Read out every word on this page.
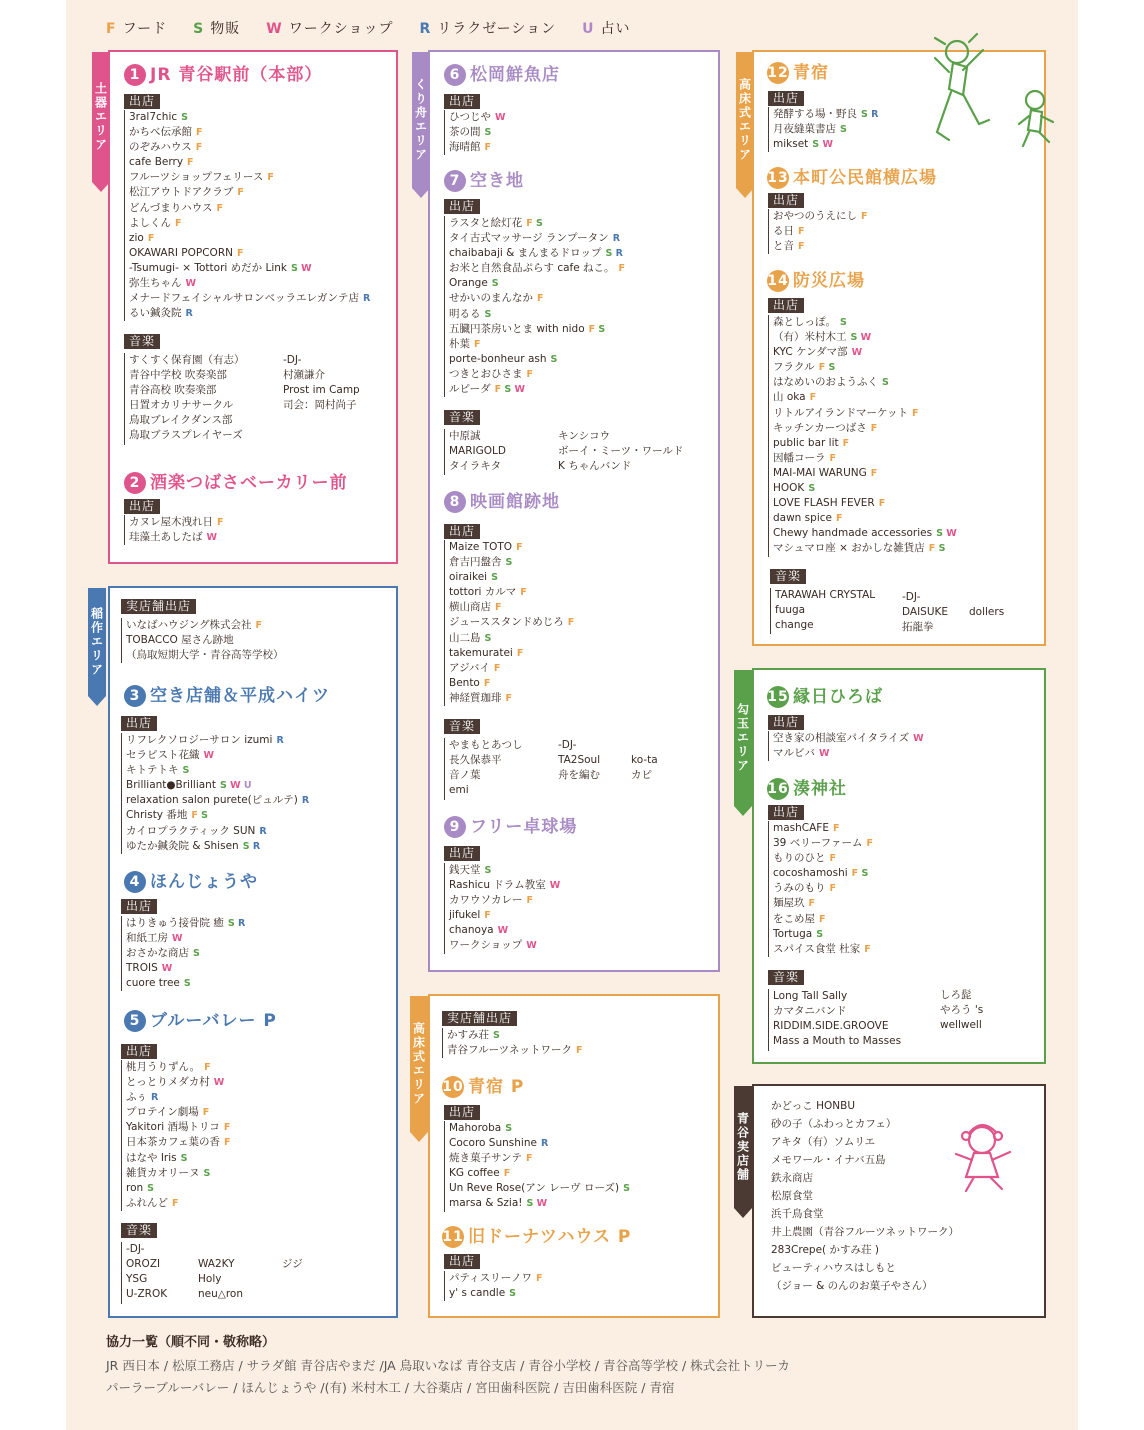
F フード S 物販 W ワークショップ R リラクゼーション U 占い
土器エリア
1 JR 青谷駅前（本部）
出店
3ral7chic S
かちべ伝承館 F
のぞみハウス F
cafe Berry F
フルーツショップフェリース F
松江アウトドアクラブ F
どんづまりハウス F
よしくん F
zio F
OKAWARI POPCORN F
-Tsumugi- × Tottori めだか Link S W
弥生ちゃん W
メナードフェイシャルサロンベッラエレガンテ店 R
るい鍼灸院 R
音楽
すくすく保育園（有志）
青谷中学校 吹奏楽部
青谷高校 吹奏楽部
日置オカリナサークル
鳥取ブレイクダンス部
鳥取ブラスプレイヤーズ
-DJ-
村瀬謙介
Prost im Camp
司会：岡村尚子
2 酒楽つばさベーカリー前
出店
カヌレ屋木洩れ日 F
珪藻土あしたば W
稲作エリア
実店舗出店
いなばハウジング株式会社 F
TOBACCO 屋さん跡地
（鳥取短期大学・青谷高等学校）
3 空き店舗＆平成ハイツ
出店
リフレクソロジーサロン izumi R
セラピスト花織 W
キトテトキ S
Brilliant●Brilliant S W U
relaxation salon purete(ピュルテ) R
Christy 番地 F S
カイロプラクティック SUN R
ゆたか鍼灸院 & Shisen S R
4 ほんじょうや
出店
はりきゅう接骨院 癒 S R
和紙工房 W
おさかな商店 S
TROIS W
cuore tree S
5 ブルーバレー P
出店
桃月うりずん。 F
とっとりメダカ村 W
ふぅ R
プロテイン劇場 F
Yakitori 酒場トリコ F
日本茶カフェ葉の香 F
はなや Iris S
雑貨カオリーヌ S
ron S
ふれんど F
音楽
-DJ-
OROZI
YSG
U-ZROK
WA2KY
Holy
neu△ron
ジジ
くり舟エリア
6 松岡鮮魚店
出店
ひつじや W
茶の間 S
海晴館 F
7 空き地
出店
ラスタと絵灯花 F S
タイ古式マッサージ ランプータン R
chaibabaji & まんまるドロップ S R
お米と自然食品ぷらす cafe ねこ。 F
Orange S
せかいのまんなか F
明るる S
五臓円茶房いとま with nido F S
朴葉 F
porte-bonheur ash S
つきとおひさま F
ルピーダ F S W
音楽
中原誠
MARIGOLD
タイラキタ
キンシコウ
ボーイ・ミーツ・ワールド
K ちゃんバンド
8 映画館跡地
出店
Maize TOTO F
倉吉円盤舎 S
oiraikei S
tottori カルマ F
横山商店 F
ジューススタンドめじろ F
山二島 S
takemuratei F
アジバイ F
Bento F
神経質珈琲 F
音楽
やまもとあつし
長久保恭平
音ノ葉
emi
-DJ-
TA2Soul
舟を編む
ko-ta
カピ
9 フリー卓球場
出店
銭天堂 S
Rashicu ドラム教室 W
カワウソカレー F
jifukel F
chanoya W
ワークショップ W
高床式エリア
実店舗出店
かすみ荘 S
青谷フルーツネットワーク F
10 青宿 P
出店
Mahoroba S
Cocoro Sunshine R
焼き菓子サンテ F
KG coffee F
Un Reve Rose(アン レーヴ ローズ) S
marsa & Szia! S W
11 旧ドーナツハウス P
出店
パティスリーノワ F
y' s candle S
高床式エリア
12 青宿
出店
発酵する場・野良 S R
月夜縫菓書店 S
mikset S W
13 本町公民館横広場
出店
おやつのうえにし F
る日 F
と音 F
14 防災広場
出店
森としっぽ。 S
（有）米村木工 S W
KYC ケンダマ部 W
フラクル F S
はなめいのおようふく S
山 oka F
リトルアイランドマーケット F
キッチンカーつばさ F
public bar lit F
因幡コーラ F
MAI-MAI WARUNG F
HOOK S
LOVE FLASH FEVER F
dawn spice F
Chewy handmade accessories S W
マシュマロ座 × おかしな雑貨店 F S
音楽
TARAWAH CRYSTAL
fuuga
change
-DJ-
DAISUKE
拓龍拳
dollers
勾玉エリア
15 縁日ひろば
出店
空き家の相談室パイタライズ W
マルビバ W
16 湊神社
出店
mashCAFE F
39 ベリーファーム F
もりのひと F
cocoshamoshi F S
うみのもり F
麺屋玖 F
をこめ屋 F
Tortuga S
スパイス食堂 杜家 F
音楽
Long Tall Sally
カマタニバンド
RIDDIM.SIDE.GROOVE
Mass a Mouth to Masses
しろ髭
やろう 's
wellwell
青谷実店舗
かどっこ HONBU
砂の子（ふわっとカフェ）
アキタ（有）ソムリエ
メモワール・イナバ五島
鉄永商店
松原食堂
浜千鳥食堂
井上農園（青谷フルーツネットワーク）
283Crepe( かすみ荘 )
ビューティハウスはしもと
（ジョー & のんのお菓子やさん）
協力一覧（順不同・敬称略）
JR 西日本 / 松原工務店 / サラダ館 青谷店やまだ /JA 鳥取いなば 青谷支店 / 青谷小学校 / 青谷高等学校 / 株式会社トリーカ
パーラーブルーバレー / ほんじょうや /(有) 米村木工 / 大谷薬店 / 宮田歯科医院 / 吉田歯科医院 / 青宿
